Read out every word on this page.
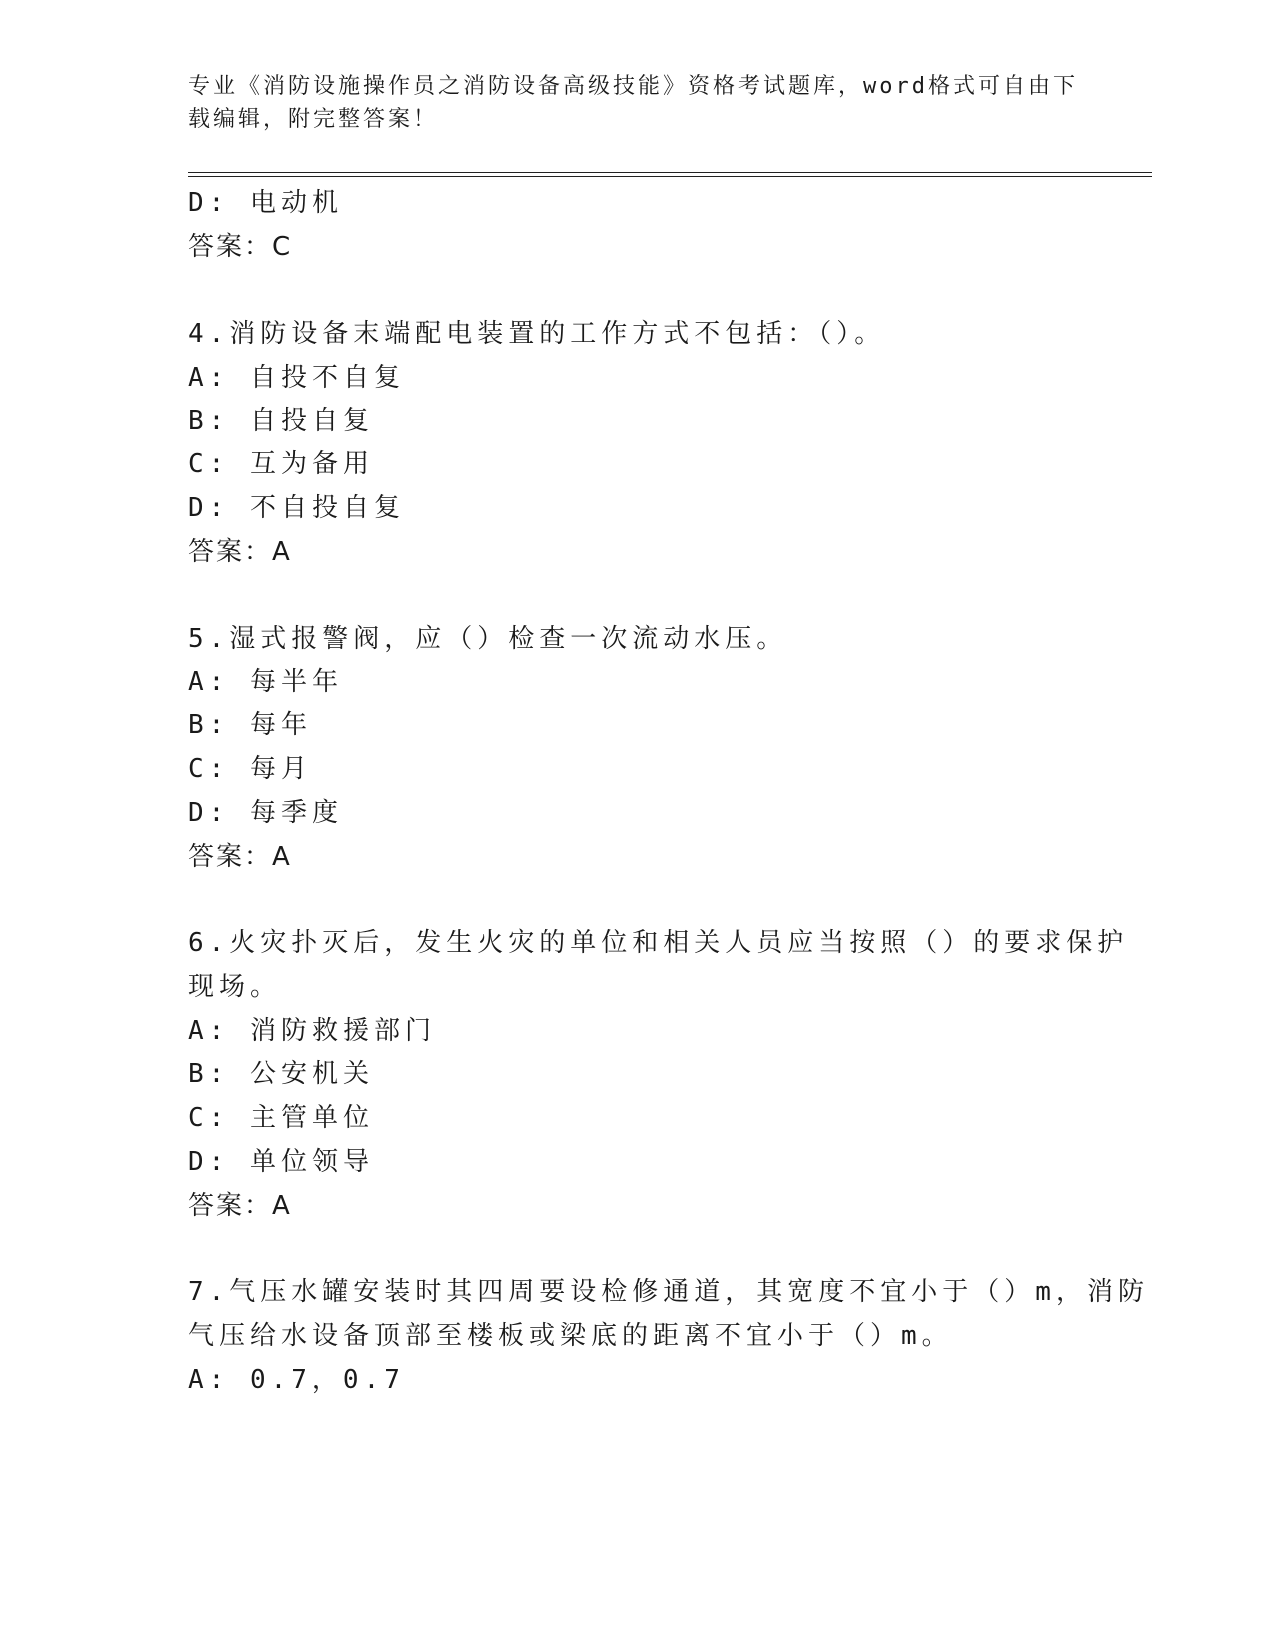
专业《消防设施操作员之消防设备高级技能》资格考试题库，word格式可自由下
载编辑，附完整答案！
D: 电动机
答案：C
4.消防设备末端配电装置的工作方式不包括：（）。
A: 自投不自复
B: 自投自复
C: 互为备用
D: 不自投自复
答案：A
5.湿式报警阀，应（）检查一次流动水压。
A: 每半年
B: 每年
C: 每月
D: 每季度
答案：A
6.火灾扑灭后，发生火灾的单位和相关人员应当按照（）的要求保护
现场。
A: 消防救援部门
B: 公安机关
C: 主管单位
D: 单位领导
答案：A
7.气压水罐安装时其四周要设检修通道，其宽度不宜小于（）m，消防
气压给水设备顶部至楼板或梁底的距离不宜小于（）m。
A: 0.7，0.7
